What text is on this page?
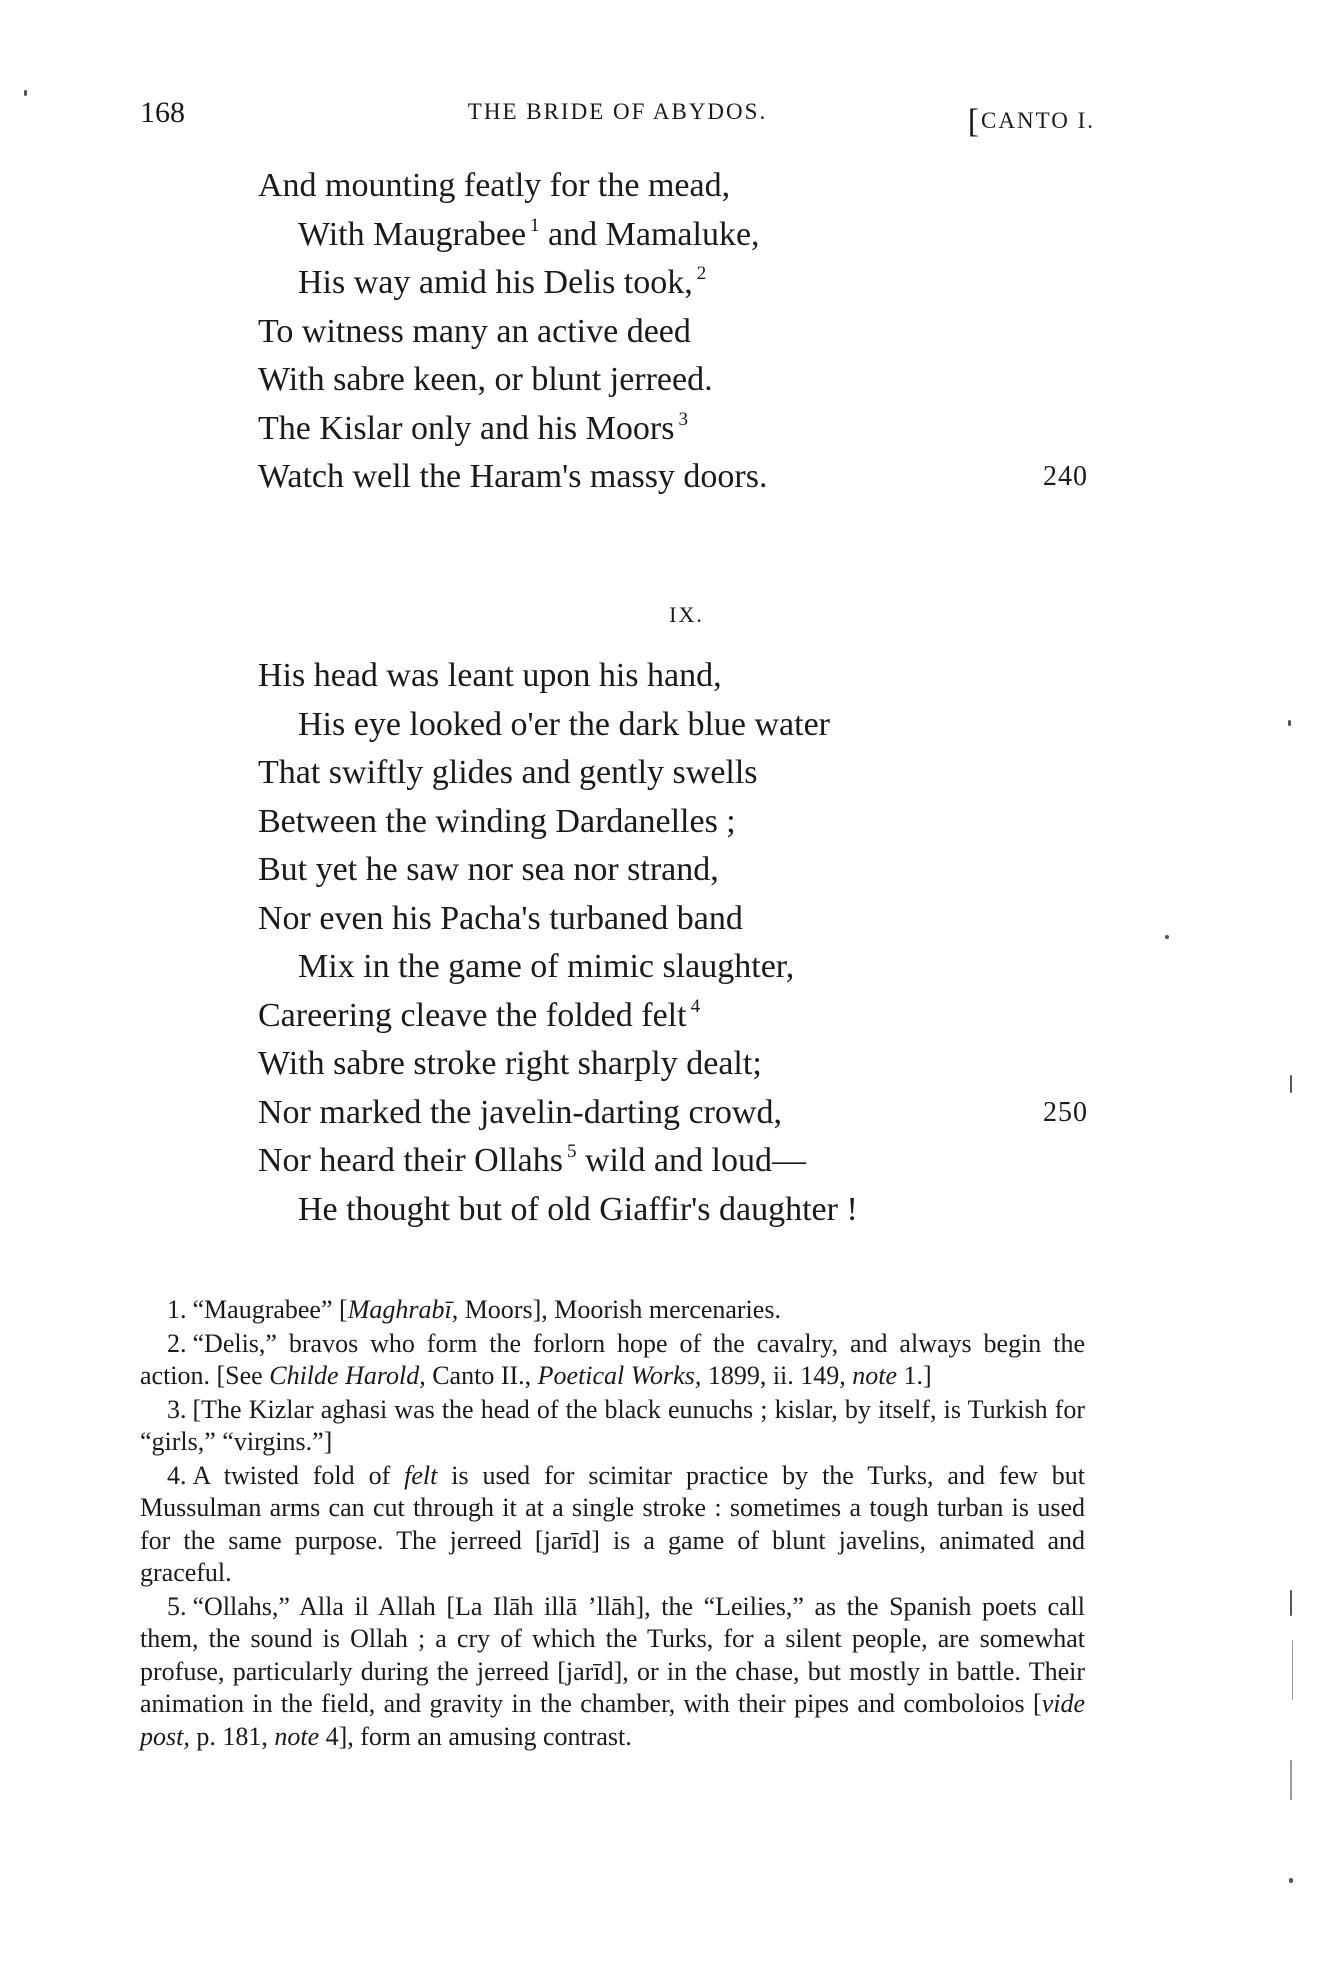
168	THE BRIDE OF ABYDOS.	[CANTO I.
And mounting featly for the mead,
With Maugrabee $^1$ and Mamaluke,
His way amid his Delis took, $^2$
To witness many an active deed
With sabre keen, or blunt jerreed.
The Kislar only and his Moors $^3$
Watch well the Haram's massy doors.	240
IX.
His head was leant upon his hand,
His eye looked o'er the dark blue water
That swiftly glides and gently swells
Between the winding Dardanelles ;
But yet he saw nor sea nor strand,
Nor even his Pacha's turbaned band
Mix in the game of mimic slaughter,
Careering cleave the folded felt $^4$
With sabre stroke right sharply dealt;
Nor marked the javelin-darting crowd,	250
Nor heard their Ollahs $^5$ wild and loud—
He thought but of old Giaffir's daughter !

1. “Maugrabee” [Maghrabī, Moors], Moorish mercenaries.

2. “Delis,” bravos who form the forlorn hope of the cavalry, and always begin the action. [See Childe Harold, Canto II., Poetical Works, 1899, ii. 149, note 1.]

3. [The Kizlar aghasi was the head of the black eunuchs ; kislar, by itself, is Turkish for “girls,” “virgins.”]

4. A twisted fold of felt is used for scimitar practice by the Turks, and few but Mussulman arms can cut through it at a single stroke : sometimes a tough turban is used for the same purpose. The jerreed [jarīd] is a game of blunt javelins, animated and graceful.

5. “Ollahs,” Alla il Allah [La Ilāh illā ’llāh], the “Leilies,” as the Spanish poets call them, the sound is Ollah ; a cry of which the Turks, for a silent people, are somewhat profuse, particularly during the jerreed [jarīd], or in the chase, but mostly in battle. Their animation in the field, and gravity in the chamber, with their pipes and comboloios [vide post, p. 181, note 4], form an amusing contrast.
